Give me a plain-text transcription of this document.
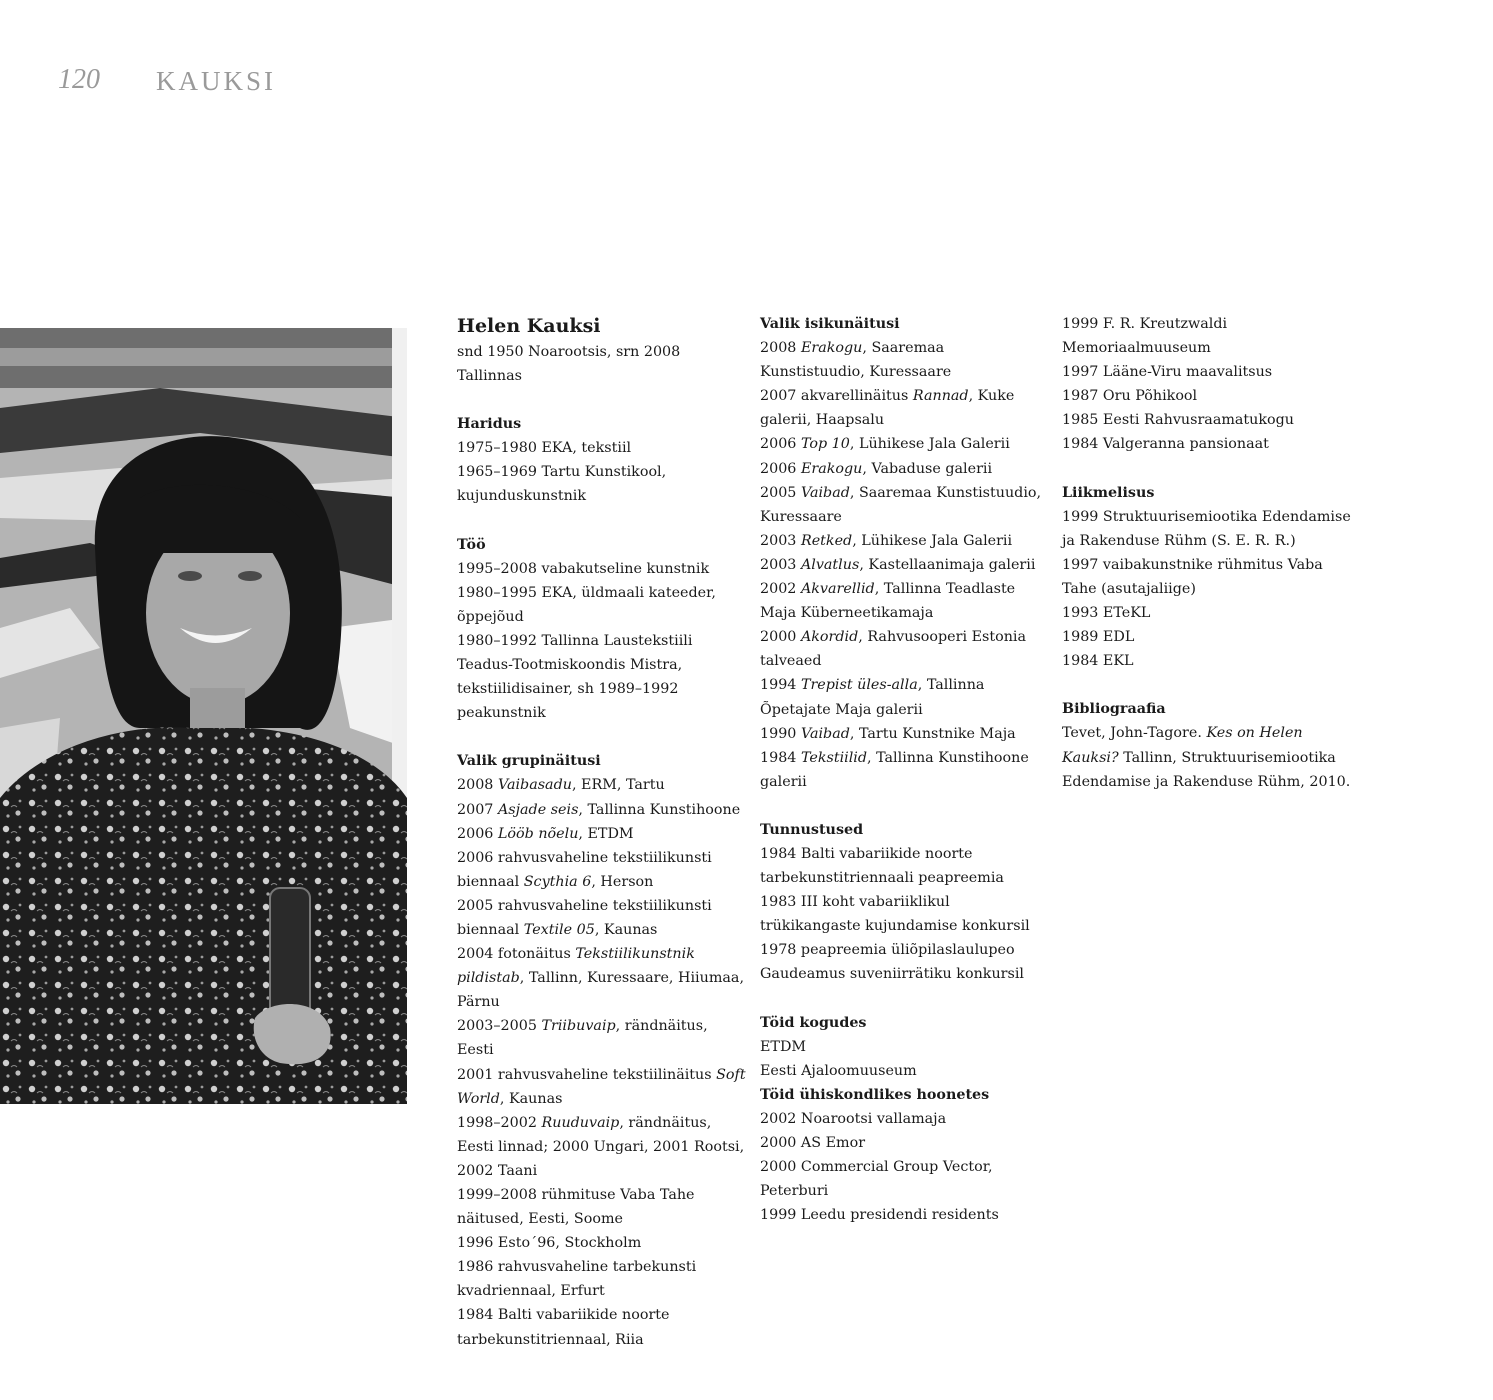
120 KAUKSI
Helen Kauksi
snd 1950 Noarootsis, srn 2008 Tallinnas
Haridus
1975–1980 EKA, tekstiil
1965–1969 Tartu Kunstikool, kujunduskunstnik
Töö
1995–2008 vabakutseline kunstnik
1980–1995 EKA, üldmaali kateeder, õppejõud
1980–1992 Tallinna Laustekstiili Teadus-Tootmiskoondis Mistra, tekstiilidisainer, sh 1989–1992 peakunstnik
Valik grupinäitusi
2008 Vaibasadu, ERM, Tartu
2007 Asjade seis, Tallinna Kunstihoone
2006 Lööb nõelu, ETDM
2006 rahvusvaheline tekstiilikunsti biennaal Scythia 6, Herson
2005 rahvusvaheline tekstiilikunsti biennaal Textile 05, Kaunas
2004 fotonäitus Tekstiilikunstnik pildistab, Tallinn, Kuressaare, Hiiumaa, Pärnu
2003–2005 Triibuvaip, rändnäitus, Eesti
2001 rahvusvaheline tekstiilinäitus Soft World, Kaunas
1998–2002 Ruuduvaip, rändnäitus, Eesti linnad; 2000 Ungari, 2001 Rootsi, 2002 Taani
1999–2008 rühmituse Vaba Tahe näitused, Eesti, Soome
1996 Esto´96, Stockholm
1986 rahvusvaheline tarbekunsti kvadriennaal, Erfurt
1984 Balti vabariikide noorte tarbekunstitriennaal, Riia
Valik isikunäitusi
2008 Erakogu, Saaremaa Kunstistuudio, Kuressaare
2007 akvarellinäitus Rannad, Kuke galerii, Haapsalu
2006 Top 10, Lühikese Jala Galerii
2006 Erakogu, Vabaduse galerii
2005 Vaibad, Saaremaa Kunstistuudio, Kuressaare
2003 Retked, Lühikese Jala Galerii
2003 Alvatlus, Kastellaanimaja galerii
2002 Akvarellid, Tallinna Teadlaste Maja Küberneetikamaja
2000 Akordid, Rahvusooperi Estonia talveaed
1994 Trepist üles-alla, Tallinna Õpetajate Maja galerii
1990 Vaibad, Tartu Kunstnike Maja
1984 Tekstiilid, Tallinna Kunstihoone galerii
Tunnustused
1984 Balti vabariikide noorte tarbekunstitriennaali peapreemia
1983 III koht vabariiklikul trükikangaste kujundamise konkursil
1978 peapreemia üliõpilaslaulupeo Gaudeamus suveniirrätiku konkursil
Töid kogudes
ETDM
Eesti Ajaloomuuseum
Töid ühiskondlikes hoonetes
2002 Noarootsi vallamaja
2000 AS Emor
2000 Commercial Group Vector, Peterburi
1999 Leedu presidendi residents
1999 F. R. Kreutzwaldi Memoriaalmuuseum
1997 Lääne-Viru maavalitsus
1987 Oru Põhikool
1985 Eesti Rahvusraamatukogu
1984 Valgeranna pansionaat
Liikmelisus
1999 Struktuurisemiootika Edendamise ja Rakenduse Rühm (S. E. R. R.)
1997 vaibakunstnike rühmitus Vaba Tahe (asutajaliige)
1993 ETeKL
1989 EDL
1984 EKL
Bibliograafia
Tevet, John-Tagore. Kes on Helen Kauksi? Tallinn, Struktuurisemiootika Edendamise ja Rakenduse Rühm, 2010.
